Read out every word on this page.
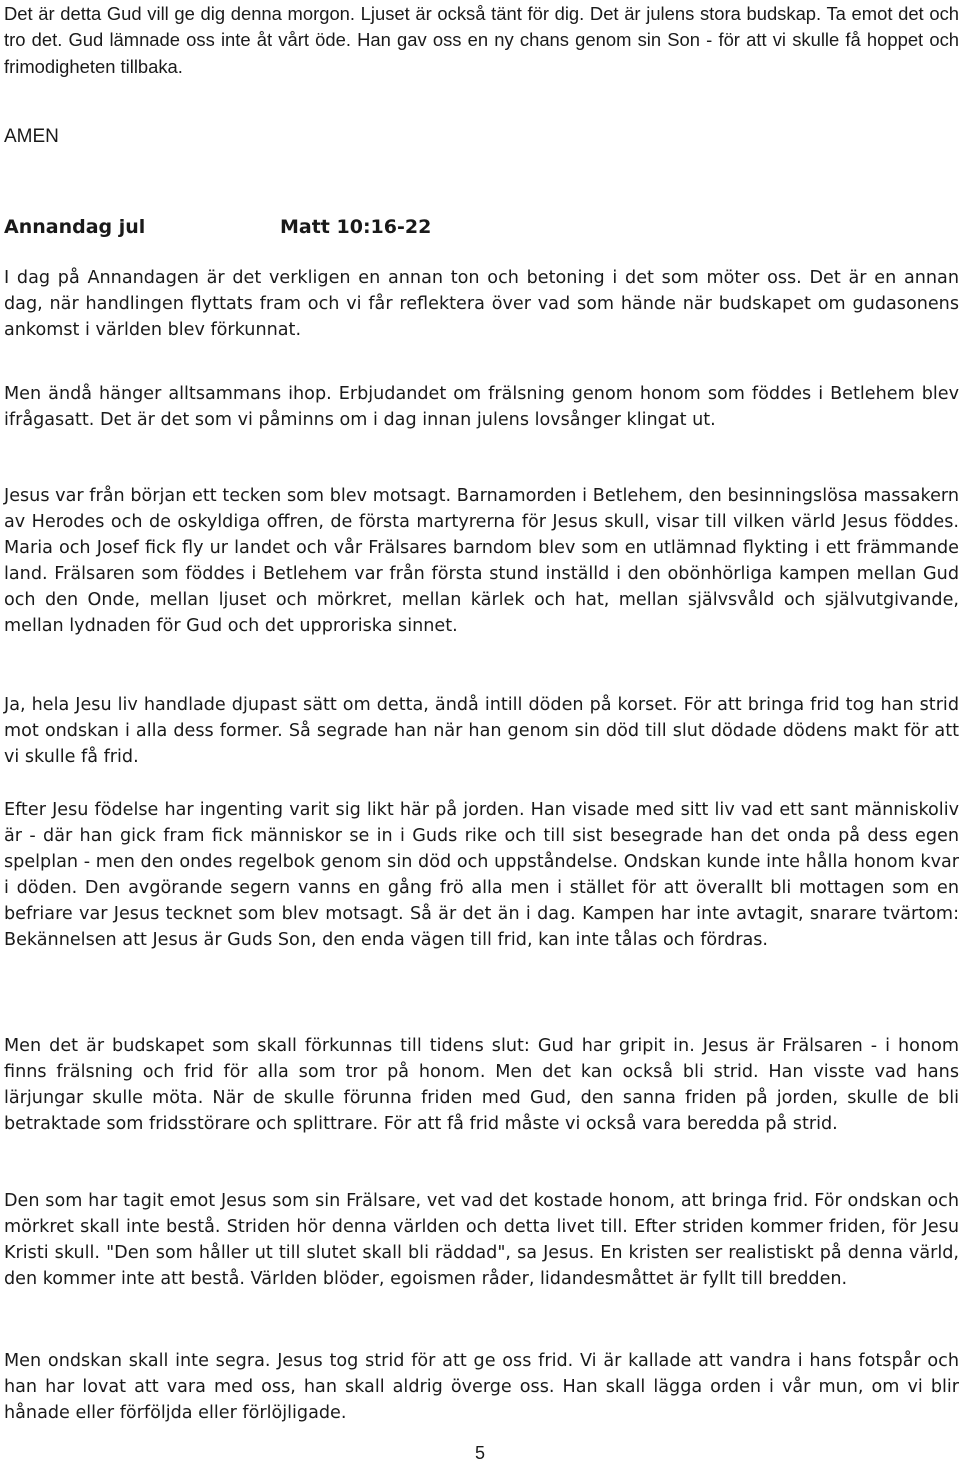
Det är detta Gud vill ge dig denna morgon. Ljuset är också tänt för dig. Det är julens stora budskap. Ta emot det och tro det. Gud lämnade oss inte åt vårt öde. Han gav oss en ny chans genom sin Son - för att vi skulle få hoppet och frimodigheten tillbaka.

AMEN
Annandag jul	Matt 10:16-22

I dag på Annandagen är det verkligen en annan ton och betoning i det som möter oss. Det är en annan dag, när handlingen flyttats fram och vi får reflektera över vad som hände när budskapet om gudasonens ankomst i världen blev förkunnat.

Men ändå hänger alltsammans ihop. Erbjudandet om frälsning genom honom som föddes i Betlehem blev ifrågasatt. Det är det som vi påminns om i dag innan julens lovsånger klingat ut.

Jesus var från början ett tecken som blev motsagt. Barnamorden i Betlehem, den besinningslösa massakern av Herodes och de oskyldiga offren, de första martyrerna för Jesus skull, visar till vilken värld Jesus föddes. Maria och Josef fick fly ur landet och vår Frälsares barndom blev som en utlämnad flykting i ett främmande land. Frälsaren som föddes i Betlehem var från första stund inställd i den obönhörliga kampen mellan Gud och den Onde, mellan ljuset och mörkret, mellan kärlek och hat, mellan självsvåld och självutgivande, mellan lydnaden för Gud och det upproriska sinnet.

Ja, hela Jesu liv handlade djupast sätt om detta, ändå intill döden på korset. För att bringa frid tog han strid mot ondskan i alla dess former. Så segrade han när han genom sin död till slut dödade dödens makt för att vi skulle få frid.

Efter Jesu födelse har ingenting varit sig likt här på jorden. Han visade med sitt liv vad ett sant människoliv är - där han gick fram fick människor se in i Guds rike och till sist besegrade han det onda på dess egen spelplan - men den ondes regelbok genom sin död och uppståndelse. Ondskan kunde inte hålla honom kvar i döden. Den avgörande segern vanns en gång frö alla men i stället för att överallt bli mottagen som en befriare var Jesus tecknet som blev motsagt. Så är det än i dag. Kampen har inte avtagit, snarare tvärtom: Bekännelsen att Jesus är Guds Son, den enda vägen till frid, kan inte tålas och fördras.

Men det är budskapet som skall förkunnas till tidens slut: Gud har gripit in. Jesus är Frälsaren - i honom finns frälsning och frid för alla som tror på honom. Men det kan också bli strid. Han visste vad hans lärjungar skulle möta. När de skulle förunna friden med Gud, den sanna friden på jorden, skulle de bli betraktade som fridsstörare och splittrare. För att få frid måste vi också vara beredda på strid.

Den som har tagit emot Jesus som sin Frälsare, vet vad det kostade honom, att bringa frid. För ondskan och mörkret skall inte bestå. Striden hör denna världen och detta livet till. Efter striden kommer friden, för Jesu Kristi skull. "Den som håller ut till slutet skall bli räddad", sa Jesus. En kristen ser realistiskt på denna värld, den kommer inte att bestå. Världen blöder, egoismen råder, lidandesmåttet är fyllt till bredden.

Men ondskan skall inte segra. Jesus tog strid för att ge oss frid. Vi är kallade att vandra i hans fotspår och han har lovat att vara med oss, han skall aldrig överge oss. Han skall lägga orden i vår mun, om vi blir hånade eller förföljda eller förlöjligade.

5
